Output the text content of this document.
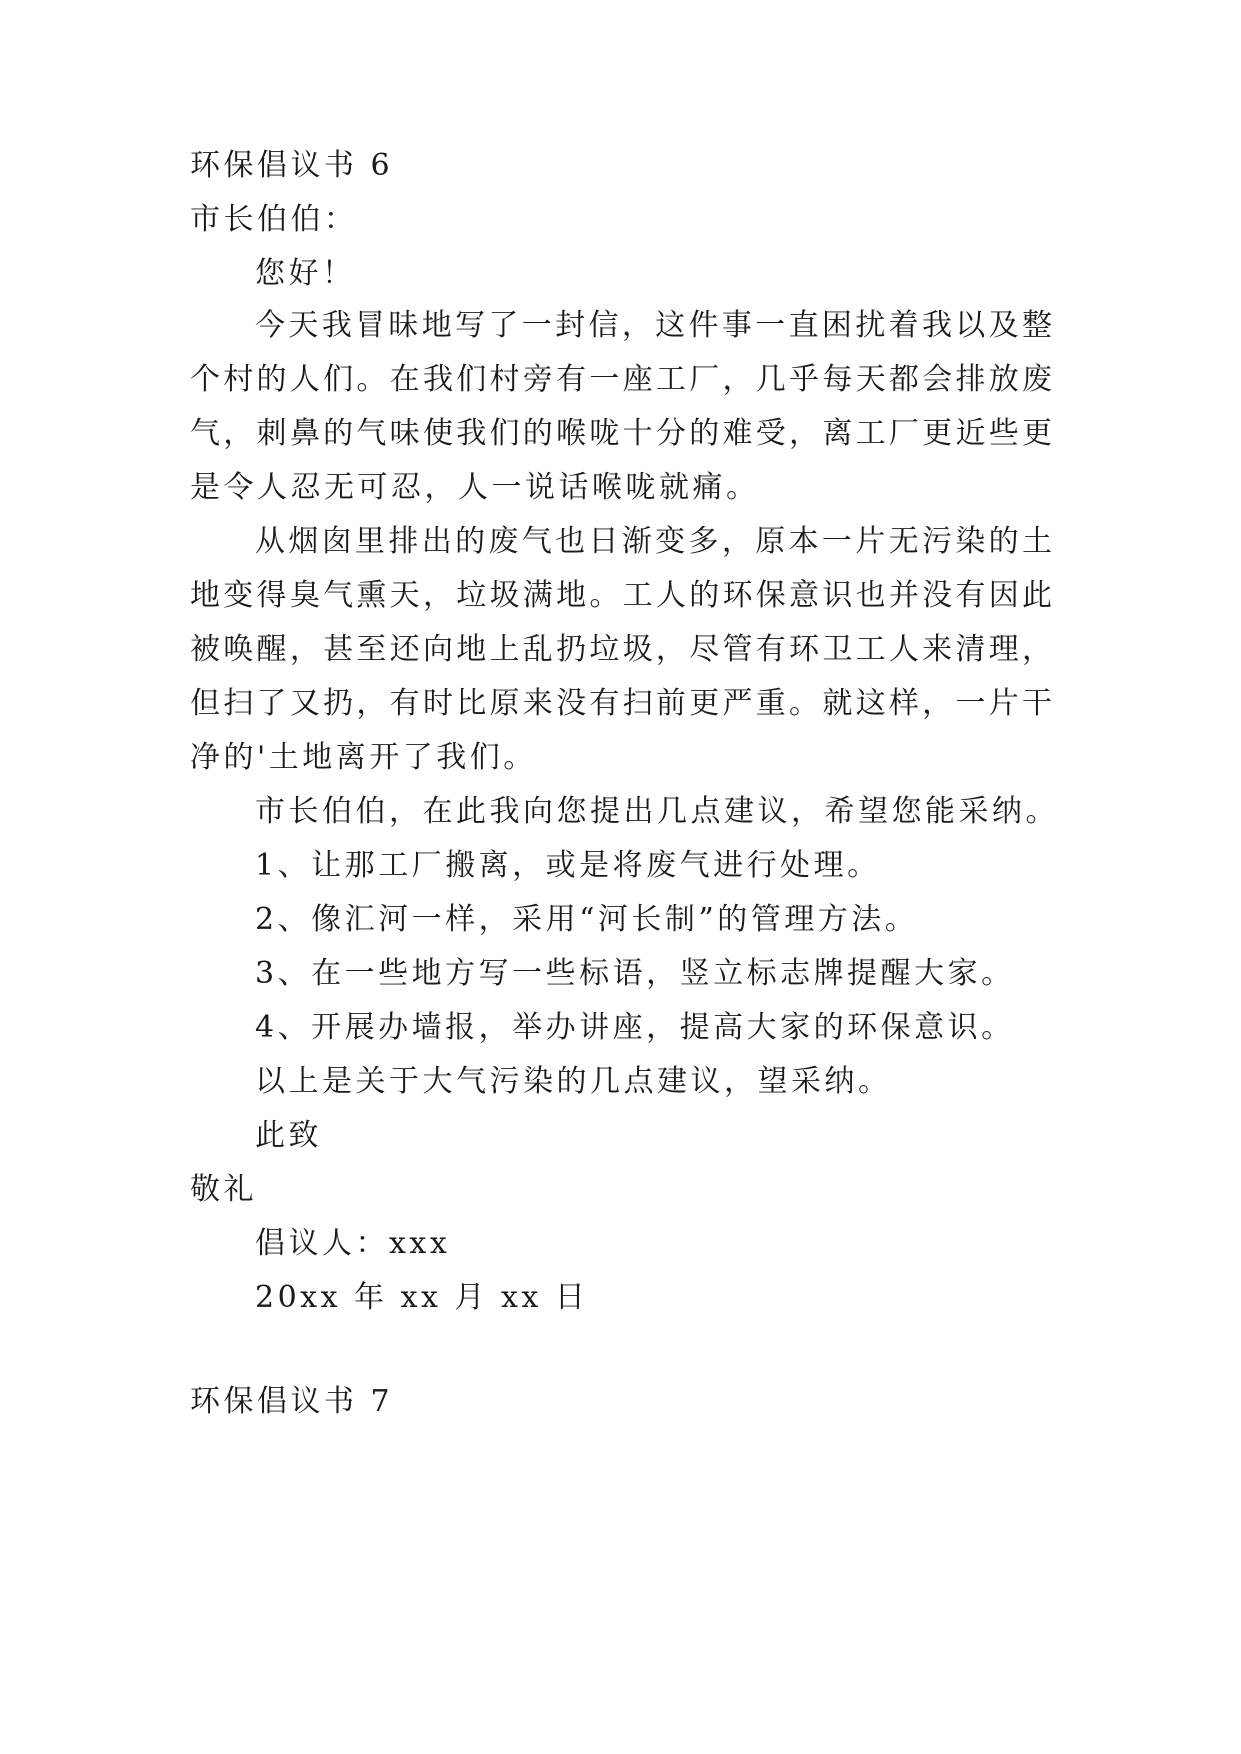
环保倡议书 6
市长伯伯：
您好！
今天我冒昧地写了一封信，这件事一直困扰着我以及整
个村的人们。在我们村旁有一座工厂，几乎每天都会排放废
气，刺鼻的气味使我们的喉咙十分的难受，离工厂更近些更
是令人忍无可忍，人一说话喉咙就痛。
从烟囱里排出的废气也日渐变多，原本一片无污染的土
地变得臭气熏天，垃圾满地。工人的环保意识也并没有因此
被唤醒，甚至还向地上乱扔垃圾，尽管有环卫工人来清理，
但扫了又扔，有时比原来没有扫前更严重。就这样，一片干
净的'土地离开了我们。
市长伯伯，在此我向您提出几点建议，希望您能采纳。
1、让那工厂搬离，或是将废气进行处理。
2、像汇河一样，采用“河长制”的管理方法。
3、在一些地方写一些标语，竖立标志牌提醒大家。
4、开展办墙报，举办讲座，提高大家的环保意识。
以上是关于大气污染的几点建议，望采纳。
此致
敬礼
倡议人：xxx
20xx 年 xx 月 xx 日
环保倡议书 7
